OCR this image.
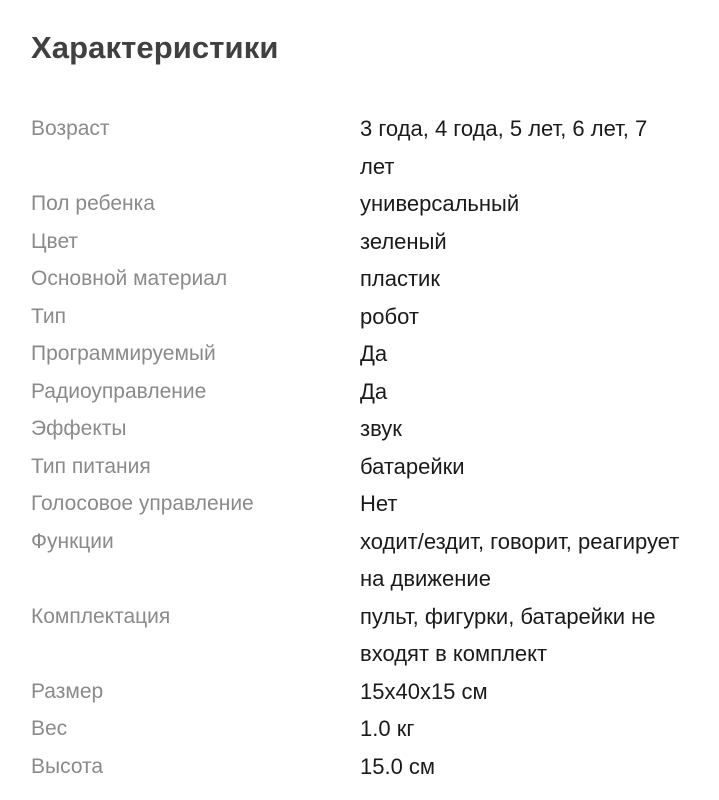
Характеристики
Возраст	3 года, 4 года, 5 лет, 6 лет, 7 лет
Пол ребенка	универсальный
Цвет	зеленый
Основной материал	пластик
Тип	робот
Программируемый	Да
Радиоуправление	Да
Эффекты	звук
Тип питания	батарейки
Голосовое управление	Нет
Функции	ходит/ездит, говорит, реагирует на движение
Комплектация	пульт, фигурки, батарейки не входят в комплект
Размер	15x40x15 см
Вес	1.0 кг
Высота	15.0 см
